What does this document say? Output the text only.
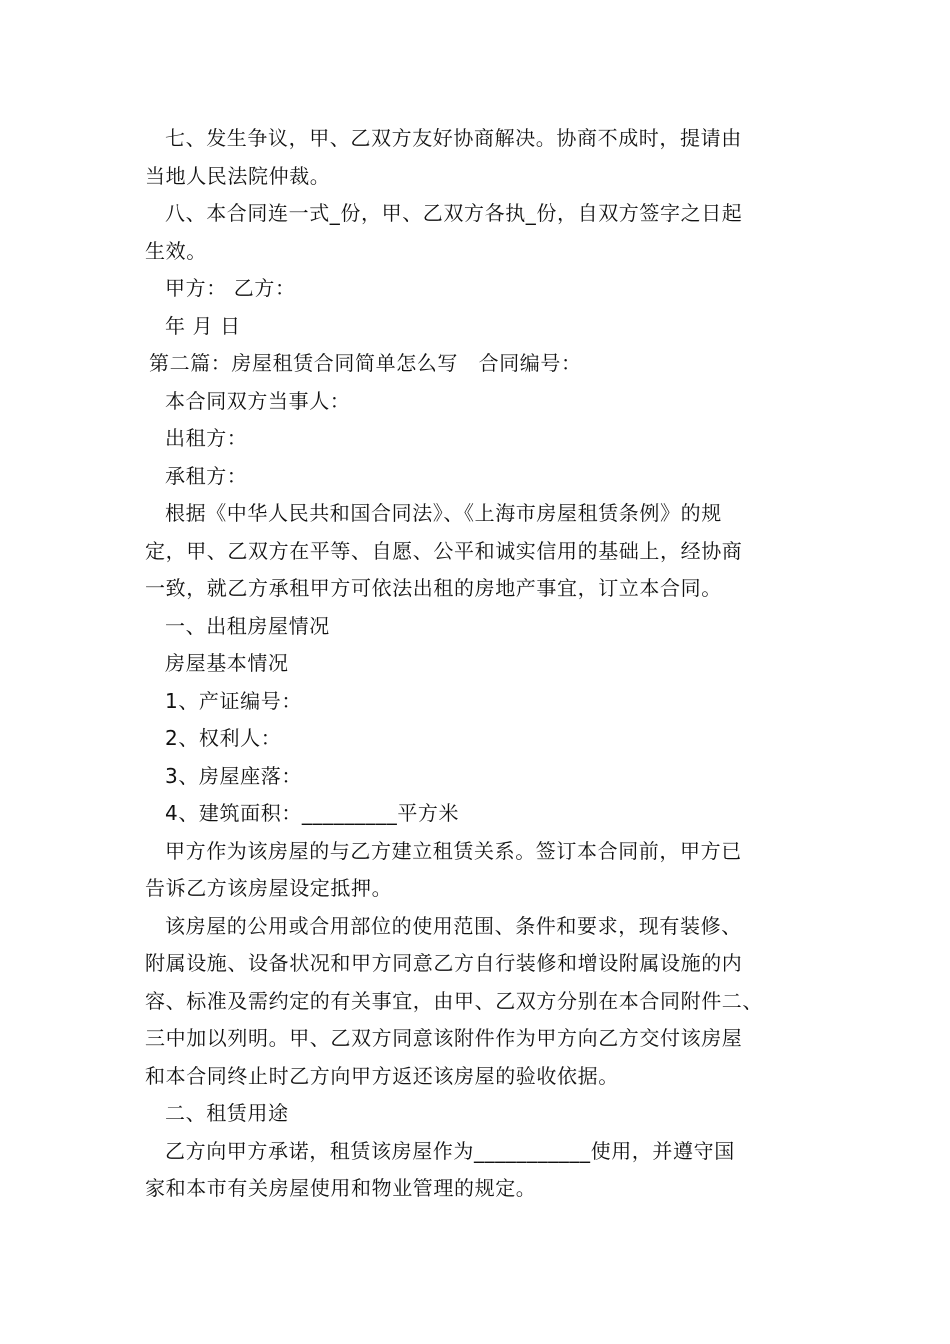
七、发生争议，甲、乙双方友好协商解决。协商不成时，提请由
当地人民法院仲裁。
八、本合同连一式_份，甲、乙双方各执_份，自双方签字之日起
生效。
甲方： 乙方：
年 月 日
第二篇：房屋租赁合同简单怎么写　合同编号：
本合同双方当事人：
出租方：
承租方：
根据《中华人民共和国合同法》、《上海市房屋租赁条例》的规
定，甲、乙双方在平等、自愿、公平和诚实信用的基础上，经协商
一致，就乙方承租甲方可依法出租的房地产事宜，订立本合同。
一、出租房屋情况
房屋基本情况
1、产证编号：
2、权利人：
3、房屋座落：
4、建筑面积：_________平方米
甲方作为该房屋的与乙方建立租赁关系。签订本合同前，甲方已
告诉乙方该房屋设定抵押。
该房屋的公用或合用部位的使用范围、条件和要求，现有装修、
附属设施、设备状况和甲方同意乙方自行装修和增设附属设施的内
容、标准及需约定的有关事宜，由甲、乙双方分别在本合同附件二、
三中加以列明。甲、乙双方同意该附件作为甲方向乙方交付该房屋
和本合同终止时乙方向甲方返还该房屋的验收依据。
二、租赁用途
乙方向甲方承诺，租赁该房屋作为___________使用，并遵守国
家和本市有关房屋使用和物业管理的规定。
